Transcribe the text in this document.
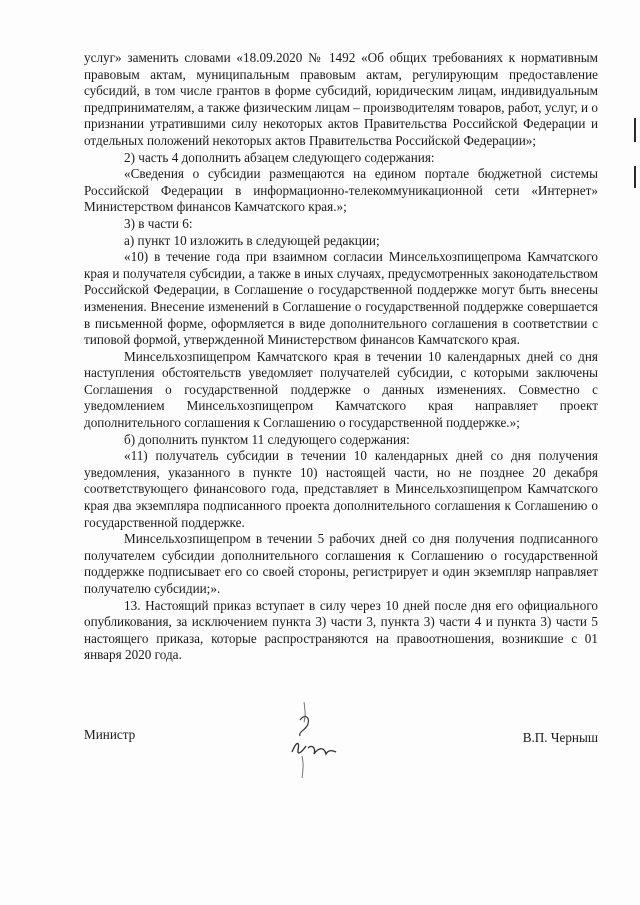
услуг» заменить словами «18.09.2020 № 1492 «Об общих требованиях к нормативным правовым актам, муниципальным правовым актам, регулирующим предоставление субсидий, в том числе грантов в форме субсидий, юридическим лицам, индивидуальным предпринимателям, а также физическим лицам – производителям товаров, работ, услуг, и о признании утратившими силу некоторых актов Правительства Российской Федерации и отдельных положений некоторых актов Правительства Российской Федерации»;

2) часть 4 дополнить абзацем следующего содержания:

«Сведения о субсидии размещаются на едином портале бюджетной системы Российской Федерации в информационно-телекоммуникационной сети «Интернет» Министерством финансов Камчатского края.»;

3) в части 6:

а) пункт 10 изложить в следующей редакции;

«10) в течение года при взаимном согласии Минсельхозпищепрома Камчатского края и получателя субсидии, а также в иных случаях, предусмотренных законодательством Российской Федерации, в Соглашение о государственной поддержке могут быть внесены изменения. Внесение изменений в Соглашение о государственной поддержке совершается в письменной форме, оформляется в виде дополнительного соглашения в соответствии с типовой формой, утвержденной Министерством финансов Камчатского края.

Минсельхозпищепром Камчатского края в течении 10 календарных дней со дня наступления обстоятельств уведомляет получателей субсидии, с которыми заключены Соглашения о государственной поддержке о данных изменениях. Совместно с уведомлением Минсельхозпищепром Камчатского края направляет проект дополнительного соглашения к Соглашению о государственной поддержке.»;

б) дополнить пунктом 11 следующего содержания:

«11) получатель субсидии в течении 10 календарных дней со дня получения уведомления, указанного в пункте 10) настоящей части, но не позднее 20 декабря соответствующего финансового года, представляет в Минсельхозпищепром Камчатского края два экземпляра подписанного проекта дополнительного соглашения к Соглашению о государственной поддержке.

Минсельхозпищепром в течении 5 рабочих дней со дня получения подписанного получателем субсидии дополнительного соглашения к Соглашению о государственной поддержке подписывает его со своей стороны, регистрирует и один экземпляр направляет получателю субсидии;».

13. Настоящий приказ вступает в силу через 10 дней после дня его официального опубликования, за исключением пункта 3) части 3, пункта 3) части 4 и пункта 3) части 5 настоящего приказа, которые распространяются на правоотношения, возникшие с 01 января 2020 года.

Министр	В.П. Черныш
